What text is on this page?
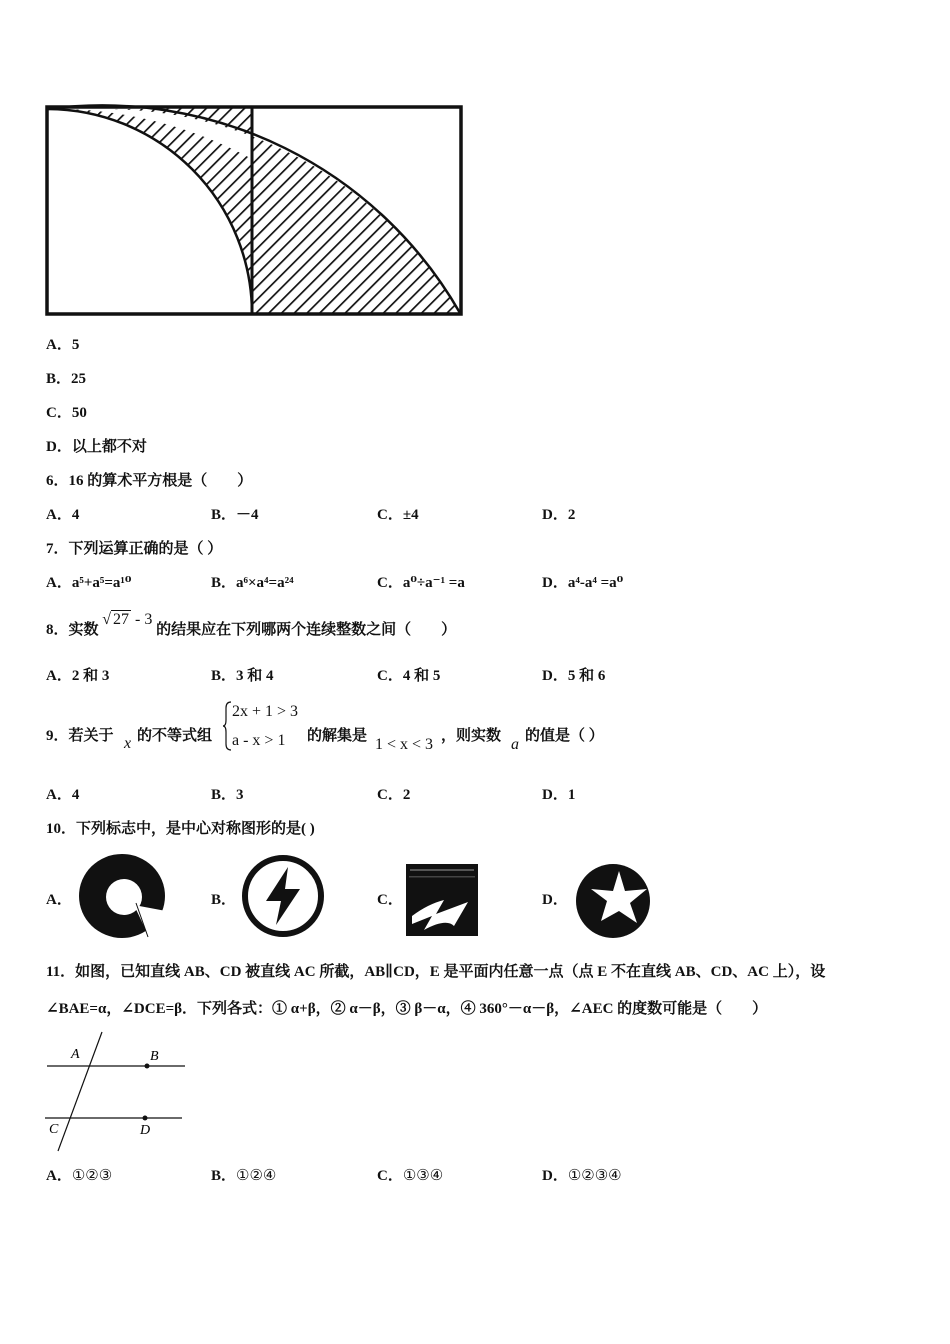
A．5
B．25
C．50
D．以上都不对
6．16 的算术平方根是（　　）
A．4	B．－4	C．±4	D．2
7．下列运算正确的是（ ）
A．a⁵+a⁵=a¹⁰	B．a⁶×a⁴=a²⁴	C．a⁰÷a⁻¹ =a	D．a⁴-a⁴ =a⁰
8．实数 √ 27 - 3 的结果应在下列哪两个连续整数之间（　　）
A．2 和 3	B．3 和 4	C．4 和 5	D．5 和 6
9．若关于 x 的不等式组
2x + 1 > 3
a - x > 1 的解集是 1 < x < 3 ，则实数 a 的值是（ ）
A．4	B．3	C．2	D．1
10．下列标志中，是中心对称图形的是( )
A．	B．	C．	D．
11．如图，已知直线 AB、CD 被直线 AC 所截，AB∥CD，E 是平面内任意一点（点 E 不在直线 AB、CD、AC 上），设
∠BAE=α，∠DCE=β．下列各式：① α+β，② α－β，③ β－α，④ 360°－α－β，∠AEC 的度数可能是（　　）
A	B
C	D
A．①②③	B．①②④	C．①③④	D．①②③④
